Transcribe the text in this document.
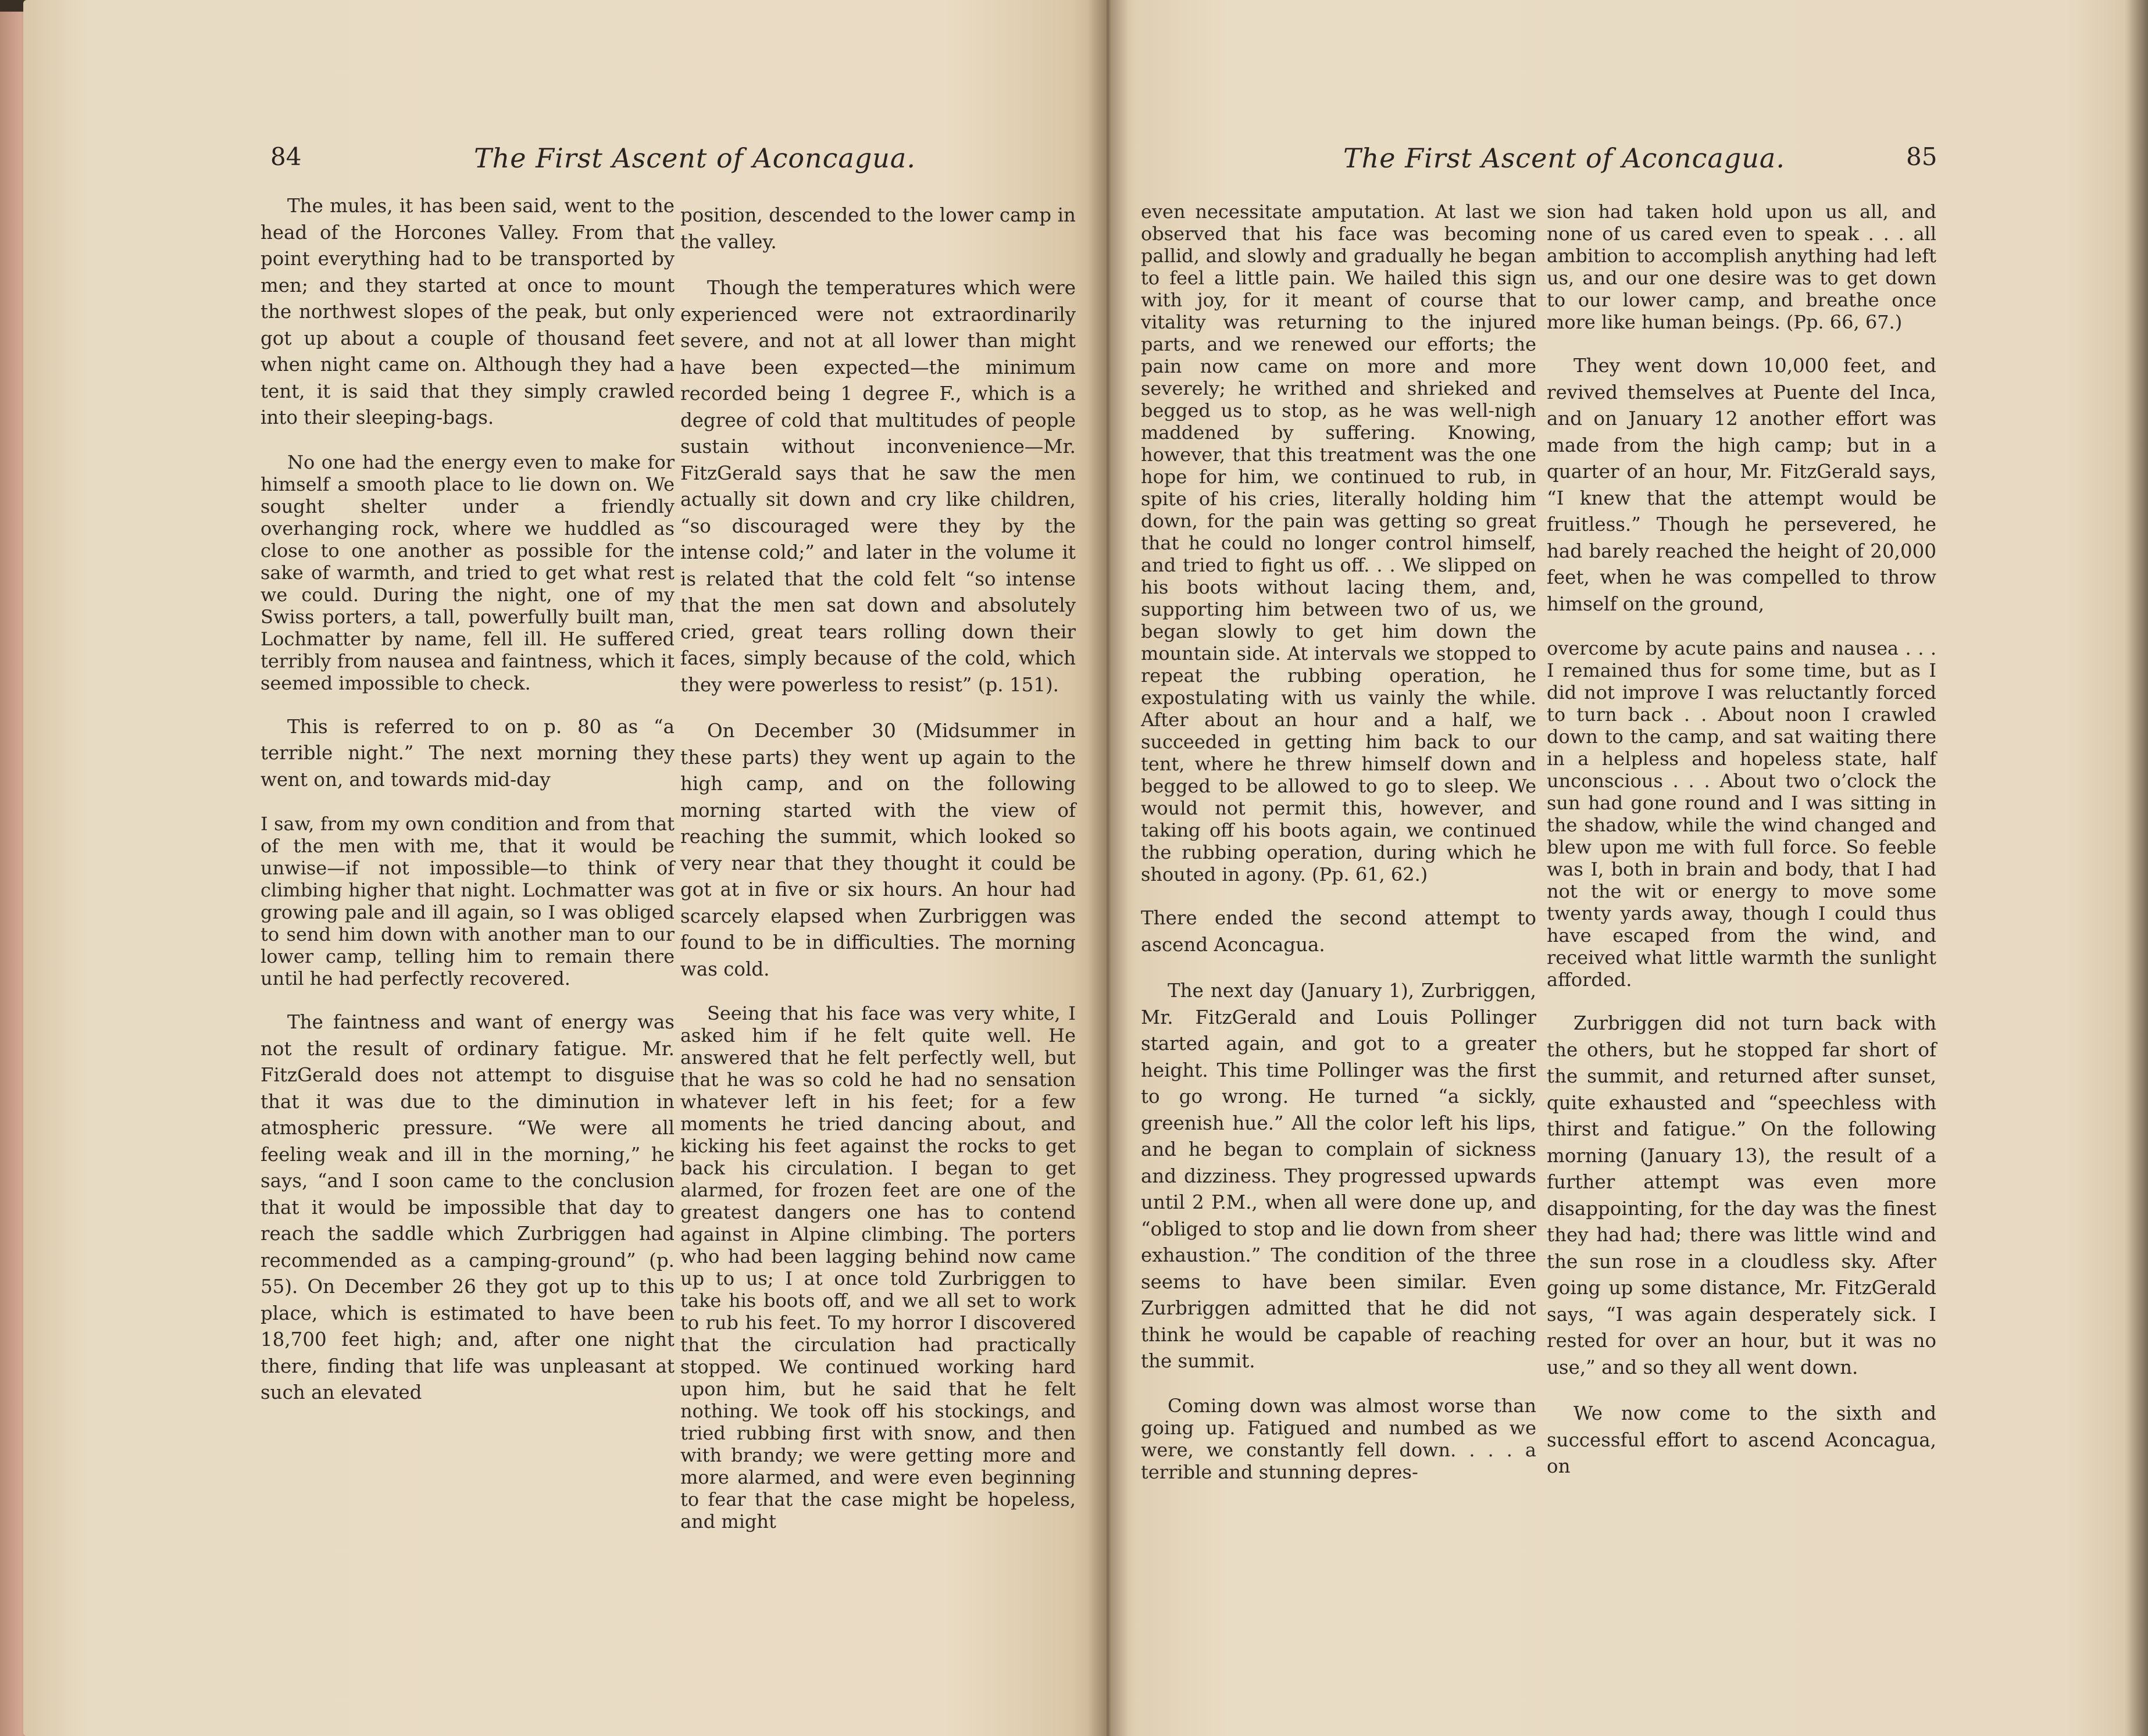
84	The First Ascent of Aconcagua.

The mules, it has been said, went to the head of the Horcones Valley. From that point everything had to be transported by men; and they started at once to mount the northwest slopes of the peak, but only got up about a couple of thousand feet when night came on. Although they had a tent, it is said that they simply crawled into their sleeping-bags.

No one had the energy even to make for himself a smooth place to lie down on. We sought shelter under a friendly overhanging rock, where we huddled as close to one another as possible for the sake of warmth, and tried to get what rest we could. During the night, one of my Swiss porters, a tall, powerfully built man, Lochmatter by name, fell ill. He suffered terribly from nausea and faintness, which it seemed impossible to check.

This is referred to on p. 80 as “a terrible night.” The next morning they went on, and towards mid-day

I saw, from my own condition and from that of the men with me, that it would be unwise—if not impossible—to think of climbing higher that night. Lochmatter was growing pale and ill again, so I was obliged to send him down with another man to our lower camp, telling him to remain there until he had perfectly recovered.

The faintness and want of energy was not the result of ordinary fatigue. Mr. FitzGerald does not attempt to disguise that it was due to the diminution in atmospheric pressure. “We were all feeling weak and ill in the morning,” he says, “and I soon came to the conclusion that it would be impossible that day to reach the saddle which Zurbriggen had recommended as a camping-ground” (p. 55). On December 26 they got up to this place, which is estimated to have been 18,700 feet high; and, after one night there, finding that life was unpleasant at such an elevated

position, descended to the lower camp in the valley.

Though the temperatures which were experienced were not extraordinarily severe, and not at all lower than might have been expected—the minimum recorded being 1 degree F., which is a degree of cold that multitudes of people sustain without inconvenience—Mr. FitzGerald says that he saw the men actually sit down and cry like children, “so discouraged were they by the intense cold;” and later in the volume it is related that the cold felt “so intense that the men sat down and absolutely cried, great tears rolling down their faces, simply because of the cold, which they were powerless to resist” (p. 151).

On December 30 (Midsummer in these parts) they went up again to the high camp, and on the following morning started with the view of reaching the summit, which looked so very near that they thought it could be got at in five or six hours. An hour had scarcely elapsed when Zurbriggen was found to be in difficulties. The morning was cold.

Seeing that his face was very white, I asked him if he felt quite well. He answered that he felt perfectly well, but that he was so cold he had no sensation whatever left in his feet; for a few moments he tried dancing about, and kicking his feet against the rocks to get back his circulation. I began to get alarmed, for frozen feet are one of the greatest dangers one has to contend against in Alpine climbing. The porters who had been lagging behind now came up to us; I at once told Zurbriggen to take his boots off, and we all set to work to rub his feet. To my horror I discovered that the circulation had practically stopped. We continued working hard upon him, but he said that he felt nothing. We took off his stockings, and tried rubbing first with snow, and then with brandy; we were getting more and more alarmed, and were even beginning to fear that the case might be hopeless, and might

The First Ascent of Aconcagua.	85

even necessitate amputation. At last we observed that his face was becoming pallid, and slowly and gradually he began to feel a little pain. We hailed this sign with joy, for it meant of course that vitality was returning to the injured parts, and we renewed our efforts; the pain now came on more and more severely; he writhed and shrieked and begged us to stop, as he was well-nigh maddened by suffering. Knowing, however, that this treatment was the one hope for him, we continued to rub, in spite of his cries, literally holding him down, for the pain was getting so great that he could no longer control himself, and tried to fight us off. . . We slipped on his boots without lacing them, and, supporting him between two of us, we began slowly to get him down the mountain side. At intervals we stopped to repeat the rubbing operation, he expostulating with us vainly the while. After about an hour and a half, we succeeded in getting him back to our tent, where he threw himself down and begged to be allowed to go to sleep. We would not permit this, however, and taking off his boots again, we continued the rubbing operation, during which he shouted in agony. (Pp. 61, 62.)

There ended the second attempt to ascend Aconcagua.

The next day (January 1), Zurbriggen, Mr. FitzGerald and Louis Pollinger started again, and got to a greater height. This time Pollinger was the first to go wrong. He turned “a sickly, greenish hue.” All the color left his lips, and he began to complain of sickness and dizziness. They progressed upwards until 2 P.M., when all were done up, and “obliged to stop and lie down from sheer exhaustion.” The condition of the three seems to have been similar. Even Zurbriggen admitted that he did not think he would be capable of reaching the summit.

Coming down was almost worse than going up. Fatigued and numbed as we were, we constantly fell down. . . . a terrible and stunning depres-

sion had taken hold upon us all, and none of us cared even to speak . . . all ambition to accomplish anything had left us, and our one desire was to get down to our lower camp, and breathe once more like human beings. (Pp. 66, 67.)

They went down 10,000 feet, and revived themselves at Puente del Inca, and on January 12 another effort was made from the high camp; but in a quarter of an hour, Mr. FitzGerald says, “I knew that the attempt would be fruitless.” Though he persevered, he had barely reached the height of 20,000 feet, when he was compelled to throw himself on the ground,

overcome by acute pains and nausea . . . I remained thus for some time, but as I did not improve I was reluctantly forced to turn back . . About noon I crawled down to the camp, and sat waiting there in a helpless and hopeless state, half unconscious . . . About two o’clock the sun had gone round and I was sitting in the shadow, while the wind changed and blew upon me with full force. So feeble was I, both in brain and body, that I had not the wit or energy to move some twenty yards away, though I could thus have escaped from the wind, and received what little warmth the sunlight afforded.

Zurbriggen did not turn back with the others, but he stopped far short of the summit, and returned after sunset, quite exhausted and “speechless with thirst and fatigue.” On the following morning (January 13), the result of a further attempt was even more disappointing, for the day was the finest they had had; there was little wind and the sun rose in a cloudless sky. After going up some distance, Mr. FitzGerald says, “I was again desperately sick. I rested for over an hour, but it was no use,” and so they all went down.

We now come to the sixth and successful effort to ascend Aconcagua, on
